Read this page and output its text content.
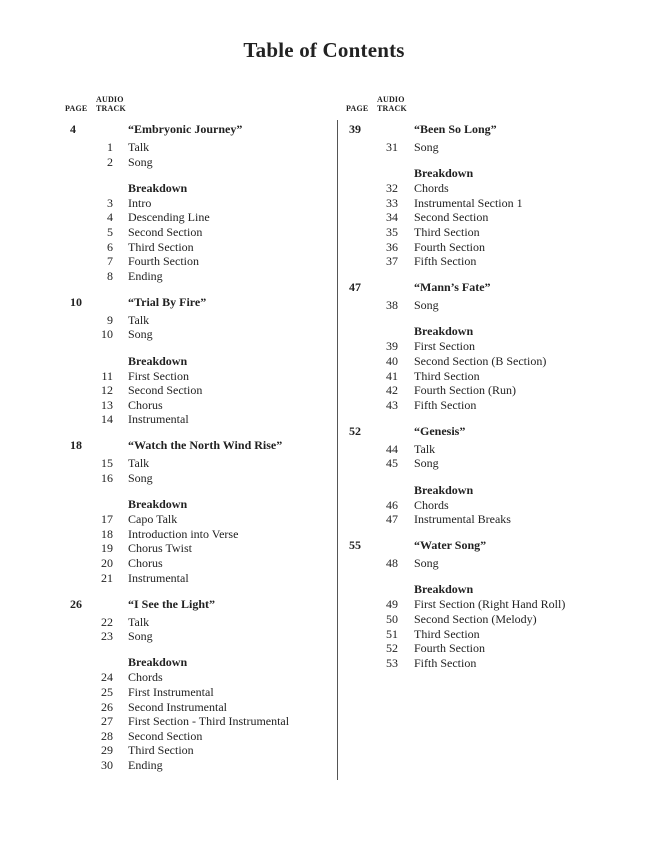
Table of Contents
PAGE
AUDIO
TRACK	PAGE
AUDIO
TRACK
4	“Embryonic Journey”
1 Talk
2 Song
Breakdown
3 Intro
4 Descending Line
5 Second Section
6 Third Section
7 Fourth Section
8 Ending
10	“Trial By Fire”
9 Talk
10 Song
Breakdown
11 First Section
12 Second Section
13 Chorus
14 Instrumental
18	“Watch the North Wind Rise”
15 Talk
16 Song
Breakdown
17 Capo Talk
18 Introduction into Verse
19 Chorus Twist
20 Chorus
21 Instrumental
26	“I See the Light”
22 Talk
23 Song
Breakdown
24 Chords
25 First Instrumental
26 Second Instrumental
27 First Section - Third Instrumental
28 Second Section
29 Third Section
30 Ending
39	“Been So Long”
31 Song
Breakdown
32 Chords
33 Instrumental Section 1
34 Second Section
35 Third Section
36 Fourth Section
37 Fifth Section
47	“Mann’s Fate”
38 Song
Breakdown
39 First Section
40 Second Section (B Section)
41 Third Section
42 Fourth Section (Run)
43 Fifth Section
52	“Genesis”
44 Talk
45 Song
Breakdown
46 Chords
47 Instrumental Breaks
55	“Water Song”
48 Song
Breakdown
49 First Section (Right Hand Roll)
50 Second Section (Melody)
51 Third Section
52 Fourth Section
53 Fifth Section
